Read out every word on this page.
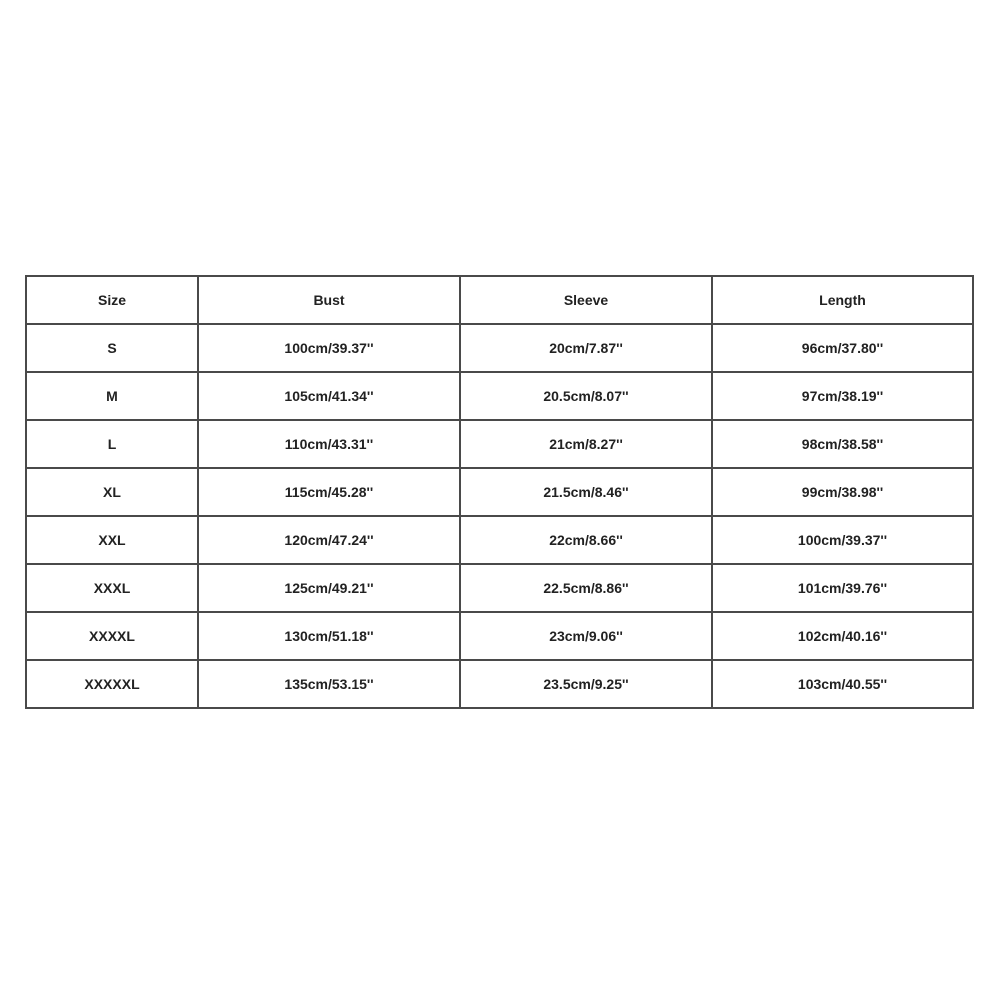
Size	Bust	Sleeve	Length
S	100cm/39.37''	20cm/7.87''	96cm/37.80''
M	105cm/41.34''	20.5cm/8.07''	97cm/38.19''
L	110cm/43.31''	21cm/8.27''	98cm/38.58''
XL	115cm/45.28''	21.5cm/8.46''	99cm/38.98''
XXL	120cm/47.24''	22cm/8.66''	100cm/39.37''
XXXL	125cm/49.21''	22.5cm/8.86''	101cm/39.76''
XXXXL	130cm/51.18''	23cm/9.06''	102cm/40.16''
XXXXXL	135cm/53.15''	23.5cm/9.25''	103cm/40.55''
